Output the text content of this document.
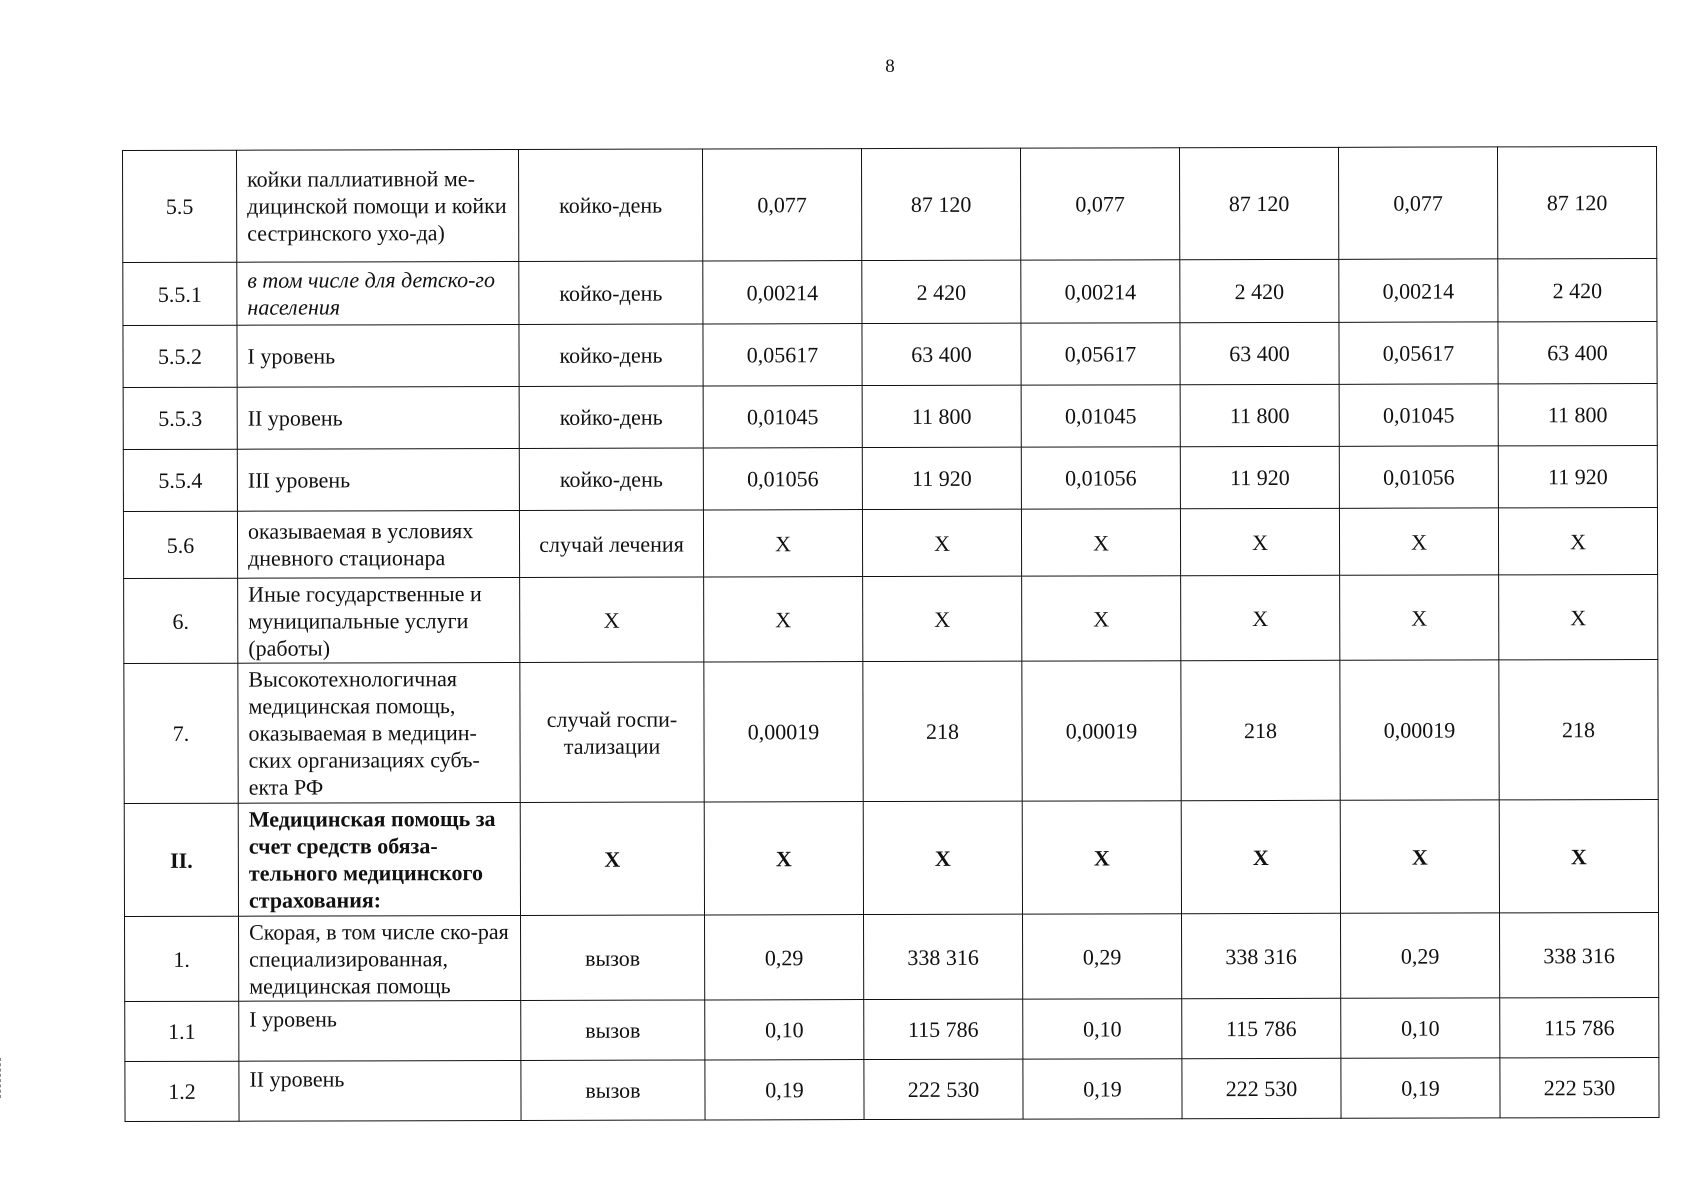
8
5.5	койки паллиативной ме-дицинской помощи и койки сестринского ухо-да)	койко-день	0,077	87 120	0,077	87 120	0,077	87 120
5.5.1	в том числе для детско-го населения	койко-день	0,00214	2 420	0,00214	2 420	0,00214	2 420
5.5.2	I уровень	койко-день	0,05617	63 400	0,05617	63 400	0,05617	63 400
5.5.3	II уровень	койко-день	0,01045	11 800	0,01045	11 800	0,01045	11 800
5.5.4	III уровень	койко-день	0,01056	11 920	0,01056	11 920	0,01056	11 920
5.6	оказываемая в условиях дневного стационара	случай лечения	X	X	X	X	X	X
6.	Иные государственные и муниципальные услуги (работы)	X	X	X	X	X	X	X
7.	Высокотехнологичная медицинская помощь, оказываемая в медицин-ских организациях субъ-екта РФ	случай госпи-тализации	0,00019	218	0,00019	218	0,00019	218
II.	Медицинская помощь за счет средств обяза-тельного медицинского страхования:	X	X	X	X	X	X	X
1.	Скорая, в том числе ско-рая специализированная, медицинская помощь	вызов	0,29	338 316	0,29	338 316	0,29	338 316
1.1	I уровень	вызов	0,10	115 786	0,10	115 786	0,10	115 786
1.2	II уровень	вызов	0,19	222 530	0,19	222 530	0,19	222 530
